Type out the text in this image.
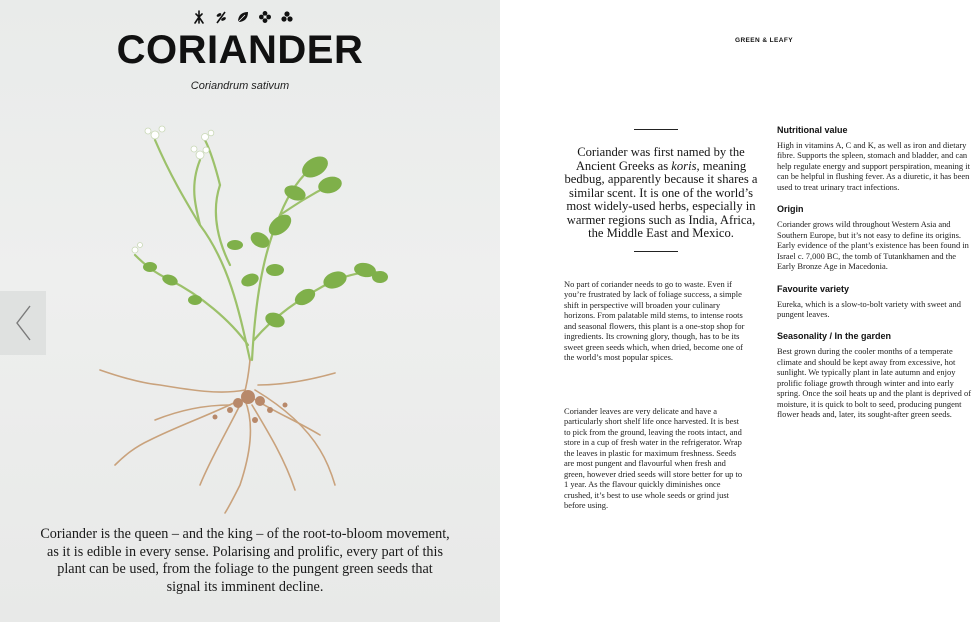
CORIANDER
Coriandrum sativum
Coriander is the queen – and the king – of the root-to-bloom movement, as it is edible in every sense. Polarising and prolific, every part of this plant can be used, from the foliage to the pungent green seeds that signal its imminent decline.
GREEN & LEAFY
Coriander was first named by the Ancient Greeks as koris, meaning bedbug, apparently because it shares a similar scent. It is one of the world’s most widely-used herbs, especially in warmer regions such as India, Africa, the Middle East and Mexico.

No part of coriander needs to go to waste. Even if you’re frustrated by lack of foliage success, a simple shift in perspective will broaden your culinary horizons. From palatable mild stems, to intense roots and seasonal flowers, this plant is a one-stop shop for ingredients. Its crowning glory, though, has to be its sweet green seeds which, when dried, become one of the world’s most popular spices.

Coriander leaves are very delicate and have a particularly short shelf life once harvested. It is best to pick from the ground, leaving the roots intact, and store in a cup of fresh water in the refrigerator. Wrap the leaves in plastic for maximum freshness. Seeds are most pungent and flavourful when fresh and green, however dried seeds will store better for up to 1 year. As the flavour quickly diminishes once crushed, it’s best to use whole seeds or grind just before using.

Nutritional value

High in vitamins A, C and K, as well as iron and dietary fibre. Supports the spleen, stomach and bladder, and can help regulate energy and support perspiration, meaning it can be helpful in flushing fever. As a diuretic, it has been used to treat urinary tract infections.

Origin

Coriander grows wild throughout Western Asia and Southern Europe, but it’s not easy to define its origins. Early evidence of the plant’s existence has been found in Israel c. 7,000 BC, the tomb of Tutankhamen and the Early Bronze Age in Macedonia.

Favourite variety

Eureka, which is a slow-to-bolt variety with sweet and pungent leaves.

Seasonality / In the garden

Best grown during the cooler months of a temperate climate and should be kept away from excessive, hot sunlight. We typically plant in late autumn and enjoy prolific foliage growth through winter and into early spring. Once the soil heats up and the plant is deprived of moisture, it is quick to bolt to seed, producing pungent flower heads and, later, its sought-after green seeds.
